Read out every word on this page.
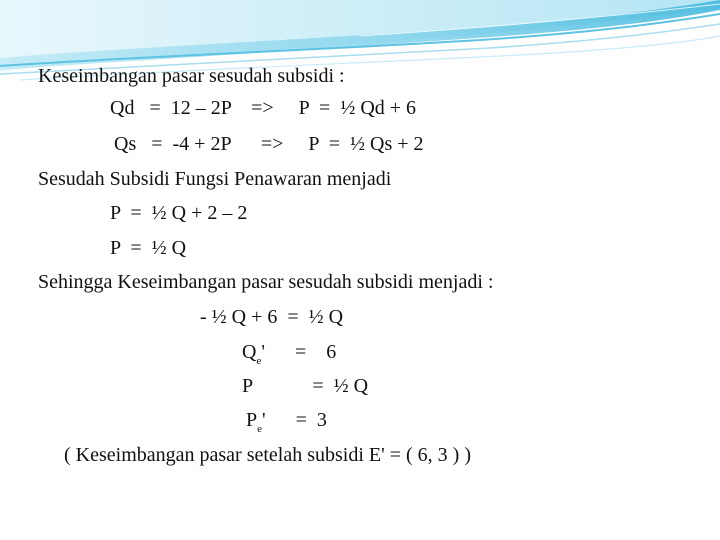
Keseimbangan pasar sesudah subsidi :
Qd   =  12 – 2P    =>     P  =  ½ Qd + 6
Qs   =  -4 + 2P      =>     P  =  ½ Qs + 2
Sesudah Subsidi Fungsi Penawaran menjadi
P  =  ½ Q + 2 – 2
P  =  ½ Q
Sehingga Keseimbangan pasar sesudah subsidi menjadi :
- ½ Q + 6  =  ½ Q
$Q_e'$      =    6
P            =  ½ Q
$P_e'$      =  3
( Keseimbangan pasar setelah subsidi E' = ( 6, 3 ) )
